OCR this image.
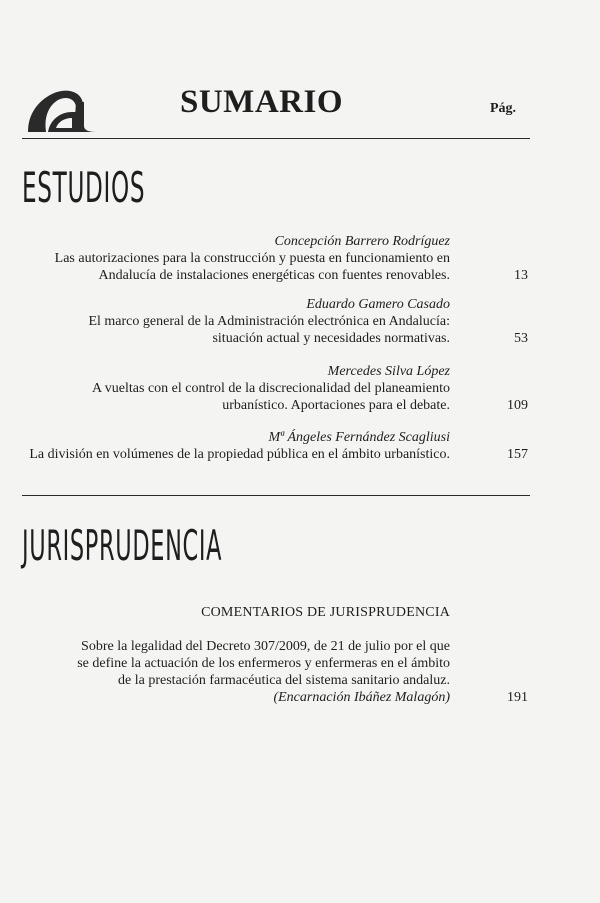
SUMARIO	Pág.
ESTUDIOS
Concepción Barrero Rodríguez
Las autorizaciones para la construcción y puesta en funcionamiento en
Andalucía de instalaciones energéticas con fuentes renovables.	13
Eduardo Gamero Casado
El marco general de la Administración electrónica en Andalucía:
situación actual y necesidades normativas.	53
Mercedes Silva López
A vueltas con el control de la discrecionalidad del planeamiento
urbanístico. Aportaciones para el debate.	109
Mª Ángeles Fernández Scagliusi
La división en volúmenes de la propiedad pública en el ámbito urbanístico.	157
JURISPRUDENCIA
COMENTARIOS DE JURISPRUDENCIA
Sobre la legalidad del Decreto 307/2009, de 21 de julio por el que
se define la actuación de los enfermeros y enfermeras en el ámbito
de la prestación farmacéutica del sistema sanitario andaluz.
(Encarnación Ibáñez Malagón)	191
